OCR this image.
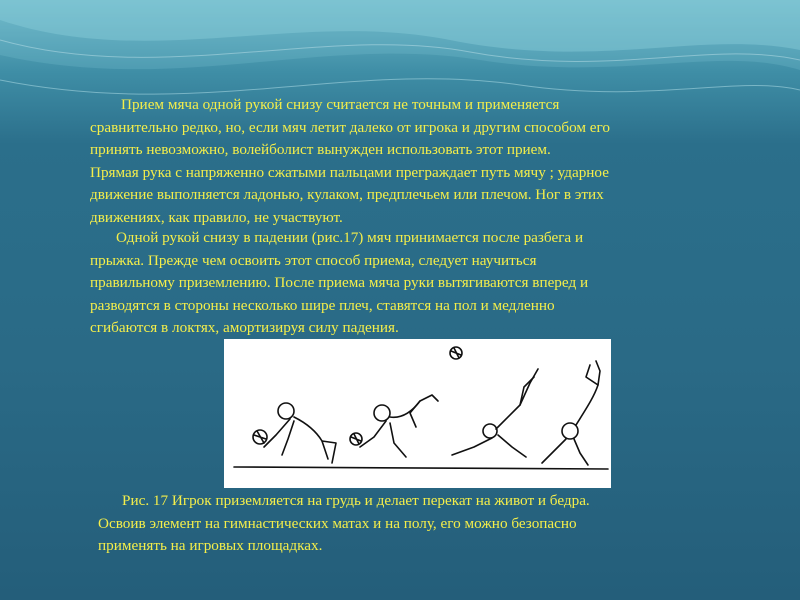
Прием мяча одной рукой снизу считается не точным и применяется
сравнительно редко, но, если мяч летит далеко от игрока и другим способом его
принять невозможно, волейболист вынужден использовать этот прием.
Прямая рука с напряженно сжатыми пальцами преграждает путь мячу ; ударное
движение выполняется ладонью, кулаком, предплечьем или плечом. Ног в этих
движениях, как правило, не участвуют.
Одной рукой снизу в падении (рис.17) мяч принимается после разбега и
прыжка. Прежде чем освоить этот способ приема, следует научиться
правильному приземлению. После приема мяча руки вытягиваются вперед и
разводятся в стороны несколько шире плеч, ставятся на пол и медленно
сгибаются в локтях, амортизируя силу падения.
Рис. 17 Игрок приземляется на грудь и делает перекат на живот и бедра.
Освоив элемент на гимнастических матах и на полу, его можно безопасно
применять на игровых площадках.
